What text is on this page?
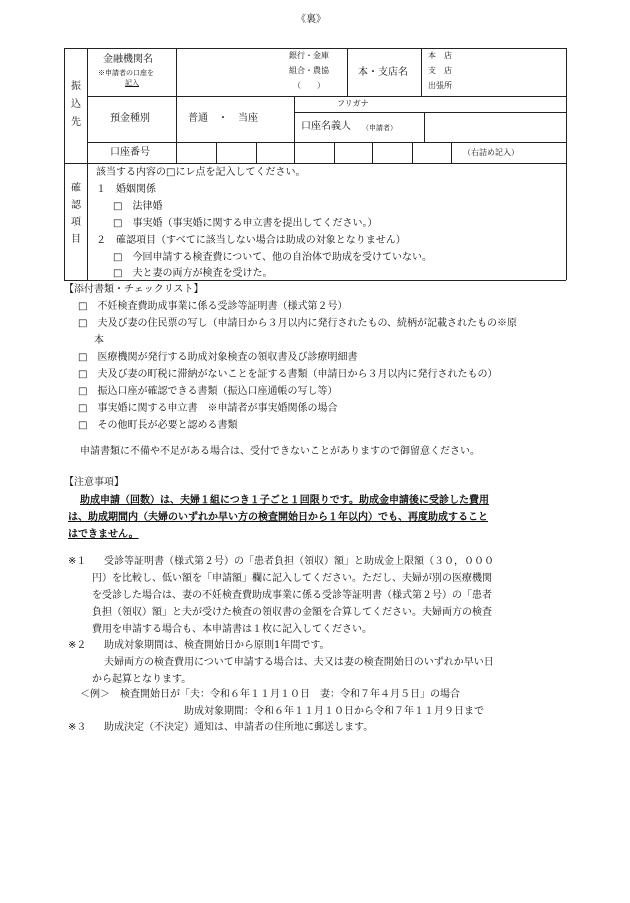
《裏》
振
込
先
金融機関名
※申請者の口座を
記入
銀行・金庫
組合・農協
（　　）
本・支店名
本　店
支　店
出張所
フリガナ
預金種別	普通　・　当座
口座名義人 （申請者）
口座番号	（右詰め記入）
確
認
項
目
該当する内容の□にレ点を記入してください。
１　婚姻関係
□　法律婚
□　事実婚（事実婚に関する申立書を提出してください。）
２　確認項目（すべてに該当しない場合は助成の対象となりません）
□　今回申請する検査費について、他の自治体で助成を受けていない。
□　夫と妻の両方が検査を受けた。
【添付書類・チェックリスト】
□　不妊検査費助成事業に係る受診等証明書（様式第２号）
□　夫及び妻の住民票の写し（申請日から３月以内に発行されたもの、続柄が記載されたもの※原
本
□　医療機関が発行する助成対象検査の領収書及び診療明細書
□　夫及び妻の町税に滞納がないことを証する書類（申請日から３月以内に発行されたもの）
□　振込口座が確認できる書類（振込口座通帳の写し等）
□　事実婚に関する申立書　※申請者が事実婚関係の場合
□　その他町長が必要と認める書類
申請書類に不備や不足がある場合は、受付できないことがありますので御留意ください。
【注意事項】
助成申請（回数）は、夫婦１組につき１子ごと１回限りです。助成金申請後に受診した費用
は、助成期間内（夫婦のいずれか早い方の検査開始日から１年以内）でも、再度助成すること
はできません。
※１ 受診等証明書（様式第２号）の「患者負担（領収）額」と助成金上限額（３０，０００
円）を比較し、低い額を「申請額」欄に記入してください。ただし、夫婦が別の医療機関
を受診した場合は、妻の不妊検査費助成事業に係る受診等証明書（様式第２号）の「患者
負担（領収）額」と夫が受けた検査の領収書の金額を合算してください。夫婦両方の検査
費用を申請する場合も、本申請書は１枚に記入してください。
※２ 助成対象期間は、検査開始日から原則1年間です。
夫婦両方の検査費用について申請する場合は、夫又は妻の検査開始日のいずれか早い日
から起算となります。
＜例＞　検査開始日が「夫：令和６年１１月１０日　妻：令和７年４月５日」の場合
助成対象期間：令和６年１１月１０日から令和７年１１月９日まで
※３ 助成決定（不決定）通知は、申請者の住所地に郵送します。
